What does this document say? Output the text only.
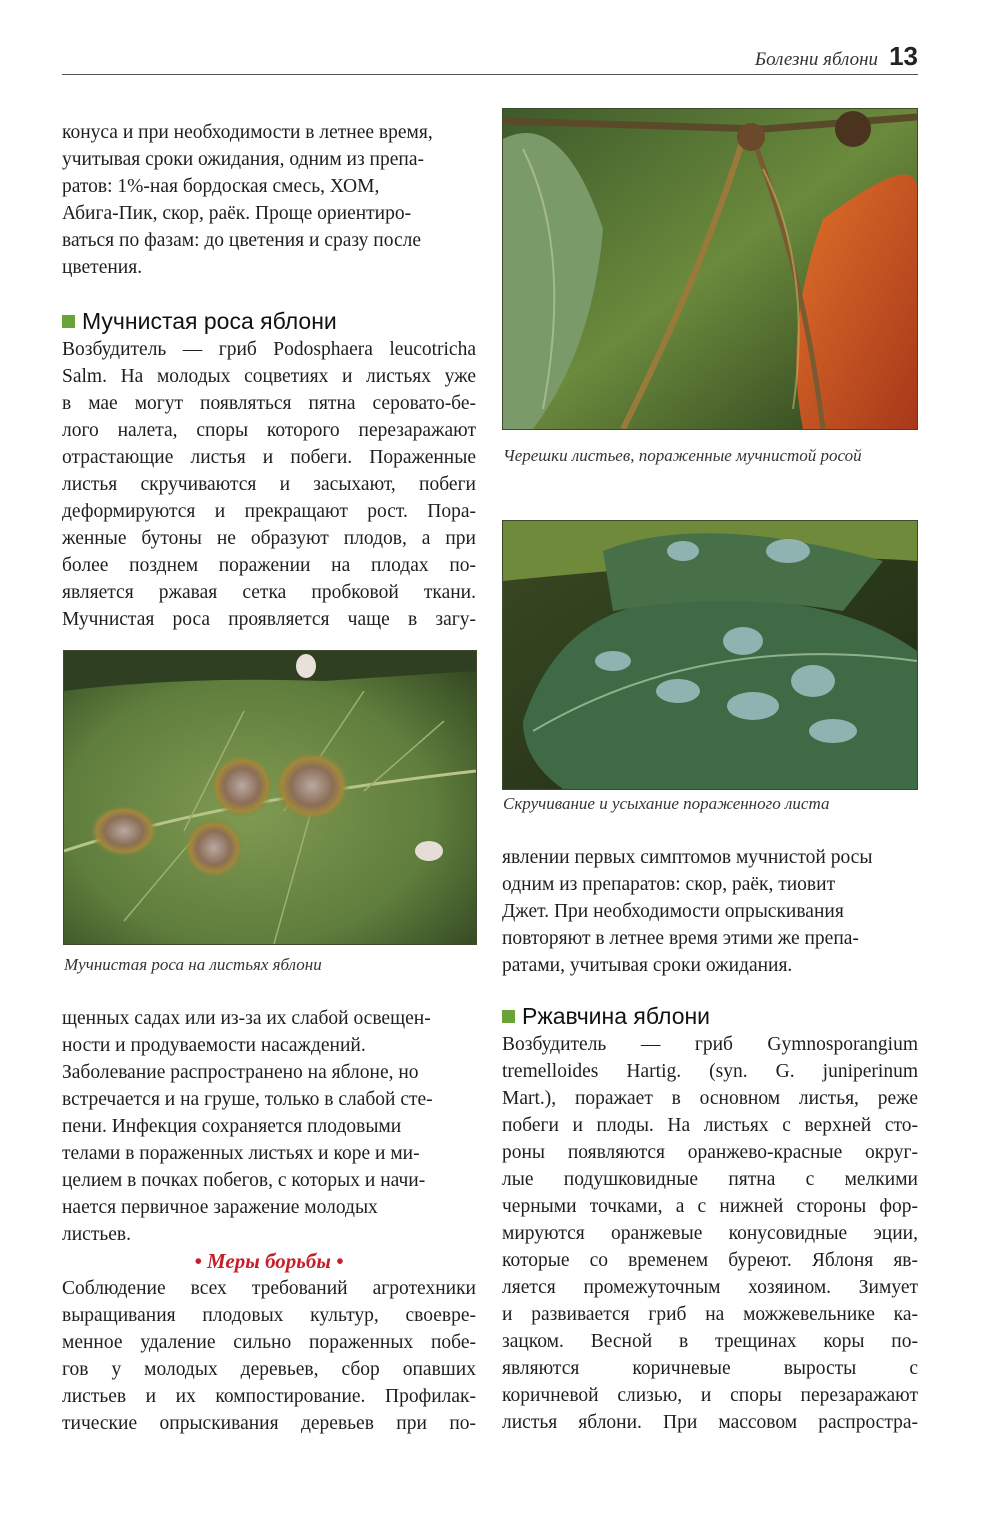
Болезни яблони 13

конуса и при необходимости в летнее время,
учитывая сроки ожидания, одним из препа-
ратов: 1%-ная бордоская смесь, ХОМ,
Абига-Пик, скор, раёк. Проще ориентиро-
ваться по фазам: до цветения и сразу после
цветения.

Мучнистая роса яблони

Возбудитель — гриб Podosphaera leucotricha
Salm. На молодых соцветиях и листьях уже
в мае могут появляться пятна серовато-бе-
лого налета, споры которого перезаражают
отрастающие листья и побеги. Пораженные
листья скручиваются и засыхают, побеги
деформируются и прекращают рост. Пора-
женные бутоны не образуют плодов, а при
более позднем поражении на плодах по-
является ржавая сетка пробковой ткани.
Мучнистая роса проявляется чаще в загу-

Мучнистая роса на листьях яблони

щенных садах или из-за их слабой освещен-
ности и продуваемости насаждений.
Заболевание распространено на яблоне, но
встречается и на груше, только в слабой сте-
пени. Инфекция сохраняется плодовыми
телами в пораженных листьях и коре и ми-
целием в почках побегов, с которых и начи-
нается первичное заражение молодых
листьев.

• Меры борьбы •

Соблюдение всех требований агротехники
выращивания плодовых культур, своевре-
менное удаление сильно пораженных побе-
гов у молодых деревьев, сбор опавших
листьев и их компостирование. Профилак-
тические опрыскивания деревьев при по-

Черешки листьев, пораженные мучнистой росой

Скручивание и усыхание пораженного листа

явлении первых симптомов мучнистой росы
одним из препаратов: скор, раёк, тиовит
Джет. При необходимости опрыскивания
повторяют в летнее время этими же препа-
ратами, учитывая сроки ожидания.

Ржавчина яблони

Возбудитель — гриб Gymnosporangium
tremelloides Hartig. (syn. G. juniperinum
Mart.), поражает в основном листья, реже
побеги и плоды. На листьях с верхней сто-
роны появляются оранжево-красные округ-
лые подушковидные пятна с мелкими
черными точками, а с нижней стороны фор-
мируются оранжевые конусовидные эции,
которые со временем буреют. Яблоня яв-
ляется промежуточным хозяином. Зимует
и развивается гриб на можжевельнике ка-
зацком. Весной в трещинах коры по-
являются коричневые выросты с
коричневой слизью, и споры перезаражают
листья яблони. При массовом распростра-
